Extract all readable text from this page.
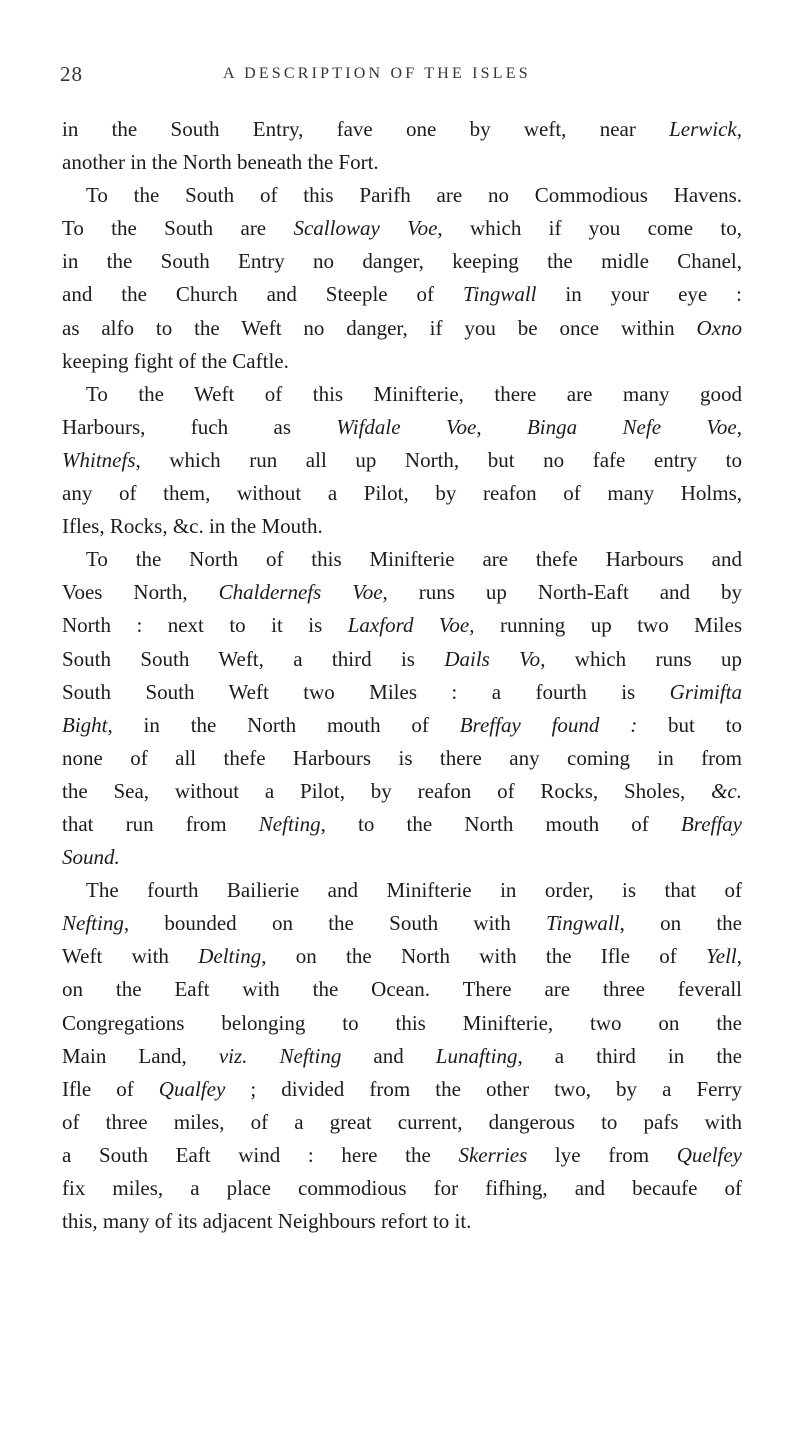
28	A DESCRIPTION OF THE ISLES
in the South Entry, fave one by weft, near Lerwick,
another in the North beneath the Fort.
To the South of this Parifh are no Commodious Havens.
To the South are Scalloway Voe, which if you come to,
in the South Entry no danger, keeping the midle Chanel,
and the Church and Steeple of Tingwall in your eye :
as alfo to the Weft no danger, if you be once within Oxno
keeping fight of the Caftle.
To the Weft of this Minifterie, there are many good
Harbours, fuch as Wifdale Voe, Binga Nefe Voe,
Whitnefs, which run all up North, but no fafe entry to
any of them, without a Pilot, by reafon of many Holms,
Ifles, Rocks, &c. in the Mouth.
To the North of this Minifterie are thefe Harbours and
Voes North, Chaldernefs Voe, runs up North-Eaft and by
North : next to it is Laxford Voe, running up two Miles
South South Weft, a third is Dails Vo, which runs up
South South Weft two Miles : a fourth is Grimifta
Bight, in the North mouth of Breffay found : but to
none of all thefe Harbours is there any coming in from
the Sea, without a Pilot, by reafon of Rocks, Sholes, &c.
that run from Nefting, to the North mouth of Breffay
Sound.
The fourth Bailierie and Minifterie in order, is that of
Nefting, bounded on the South with Tingwall, on the
Weft with Delting, on the North with the Ifle of Yell,
on the Eaft with the Ocean. There are three feverall
Congregations belonging to this Minifterie, two on the
Main Land, viz. Nefting and Lunafting, a third in the
Ifle of Qualfey ; divided from the other two, by a Ferry
of three miles, of a great current, dangerous to pafs with
a South Eaft wind : here the Skerries lye from Quelfey
fix miles, a place commodious for fifhing, and becaufe of
this, many of its adjacent Neighbours refort to it.
